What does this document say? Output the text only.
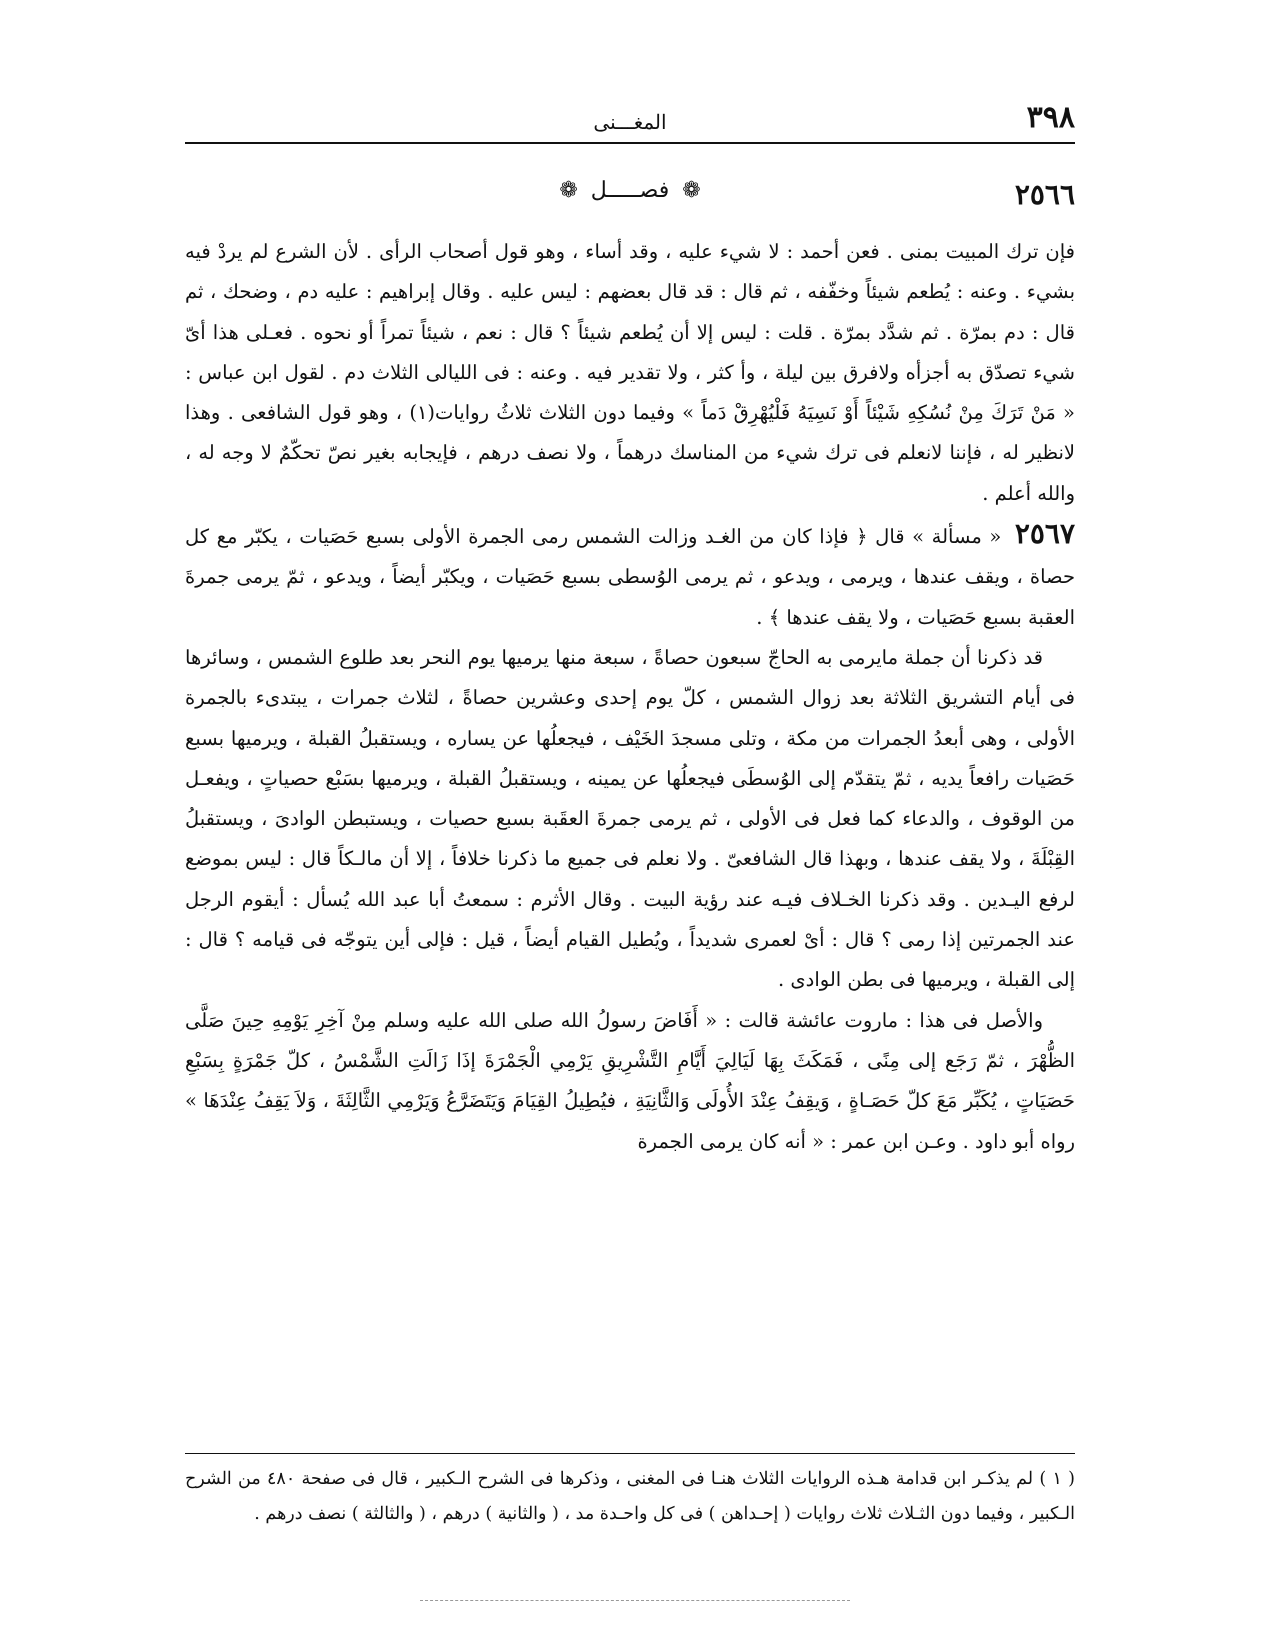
٣٩٨
المغـــنى
٢٥٦٦
❁ فصـــــل ❁

فإن ترك المبيت بمنى . فعن أحمد : لا شيء عليه ، وقد أساء ، وهو قول أصحاب الرأى . لأن الشرع لم يردْ فيه بشيء . وعنه : يُطعم شيئاً وخفّفه ، ثم قال : قد قال بعضهم : ليس عليه . وقال إبراهيم : عليه دم ، وضحك ، ثم قال : دم بمرّة . ثم شدَّد بمرّة . قلت : ليس إلا أن يُطعم شيئاً ؟ قال : نعم ، شيئاً تمراً أو نحوه . فعـلى هذا أىّ شيء تصدّق به أجزأه ولافرق بين ليلة ، وأ كثر ، ولا تقدير فيه . وعنه : فى الليالى الثلاث دم . لقول ابن عباس : « مَنْ تَرَكَ مِنْ نُسُكِهِ شَيْئاً أَوْ نَسِيَهُ فَلْيُهْرِقْ دَماً » وفيما دون الثلاث ثلاثُ روايات(١) ، وهو قول الشافعى . وهذا لانظير له ، فإننا لانعلم فى ترك شيء من المناسك درهماً ، ولا نصف درهم ، فإيجابه بغير نصّ تحكّمٌ لا وجه له ، والله أعلم .

٢٥٦٧ « مسألة » قال ﴿ فإذا كان من الغـد وزالت الشمس رمى الجمرة الأولى بسبع حَصَيات ، يكبّر مع كل حصاة ، ويقف عندها ، ويرمى ، ويدعو ، ثم يرمى الوُسطى بسبع حَصَيات ، ويكبّر أيضاً ، ويدعو ، ثمّ يرمى جمرةَ العقبة بسبع حَصَيات ، ولا يقف عندها ﴾ .

قد ذكرنا أن جملة مايرمى به الحاجّ سبعون حصاةً ، سبعة منها يرميها يوم النحر بعد طلوع الشمس ، وسائرها فى أيام التشريق الثلاثة بعد زوال الشمس ، كلّ يوم إحدى وعشرين حصاةً ، لثلاث جمرات ، يبتدىء بالجمرة الأولى ، وهى أبعدُ الجمرات من مكة ، وتلى مسجدَ الخَيْف ، فيجعلُها عن يساره ، ويستقبلُ القبلة ، ويرميها بسبع حَصَيات رافعاً يديه ، ثمّ يتقدّم إلى الوُسطَى فيجعلُها عن يمينه ، ويستقبلُ القبلة ، ويرميها بسَبْع حصياتٍ ، ويفعـل من الوقوف ، والدعاء كما فعل فى الأولى ، ثم يرمى جمرةَ العقَبة بسبع حصيات ، ويستبطن الوادىَ ، ويستقبلُ القِبْلَةَ ، ولا يقف عندها ، وبهذا قال الشافعىّ . ولا نعلم فى جميع ما ذكرنا خلافاً ، إلا أن مالـكاً قال : ليس بموضع لرفع اليـدين . وقد ذكرنا الخـلاف فيـه عند رؤية البيت . وقال الأثرم : سمعتُ أبا عبد الله يُسأل : أيقوم الرجل عند الجمرتين إذا رمى ؟ قال : أىْ لعمرى شديداً ، ويُطيل القيام أيضاً ، قيل : فإلى أين يتوجّه فى قيامه ؟ قال : إلى القبلة ، ويرميها فى بطن الوادى .

والأصل فى هذا : ماروت عائشة قالت : « أَفَاضَ رسولُ الله صلى الله عليه وسلم مِنْ آخِرِ يَوْمِهِ حِينَ صَلَّى الظُّهْرَ ، ثمّ رَجَع إلى مِنًى ، فَمَكَثَ بِهَا لَيَالِيَ أَيَّامِ التَّشْرِيقِ يَرْمِي الْجَمْرَةَ إذَا زَالَتِ الشَّمْسُ ، كلّ جَمْرَةٍ بِسَبْعِ حَصَيَاتٍ ، يُكَبِّر مَعَ كلّ حَصَـاةٍ ، وَيقِفُ عِنْدَ الأُولَى وَالثَّانِيَةِ ، فيُطِيلُ القِيَامَ وَيَتَضَرَّعُ وَيَرْمِي الثَّالِثَةَ ، وَلاَ يَقِفُ عِنْدَهَا » رواه أبو داود . وعـن ابن عمر : « أنه كان يرمى الجمرة

( ١ ) لم يذكـر ابن قدامة هـذه الروايات الثلاث هنـا فى المغنى ، وذكرها فى الشرح الـكبير ، قال فى صفحة ٤٨٠ من الشرح الـكبير ، وفيما دون الثـلاث ثلاث روايات ( إحـداهن ) فى كل واحـدة مد ، ( والثانية ) درهم ، ( والثالثة ) نصف درهم .
